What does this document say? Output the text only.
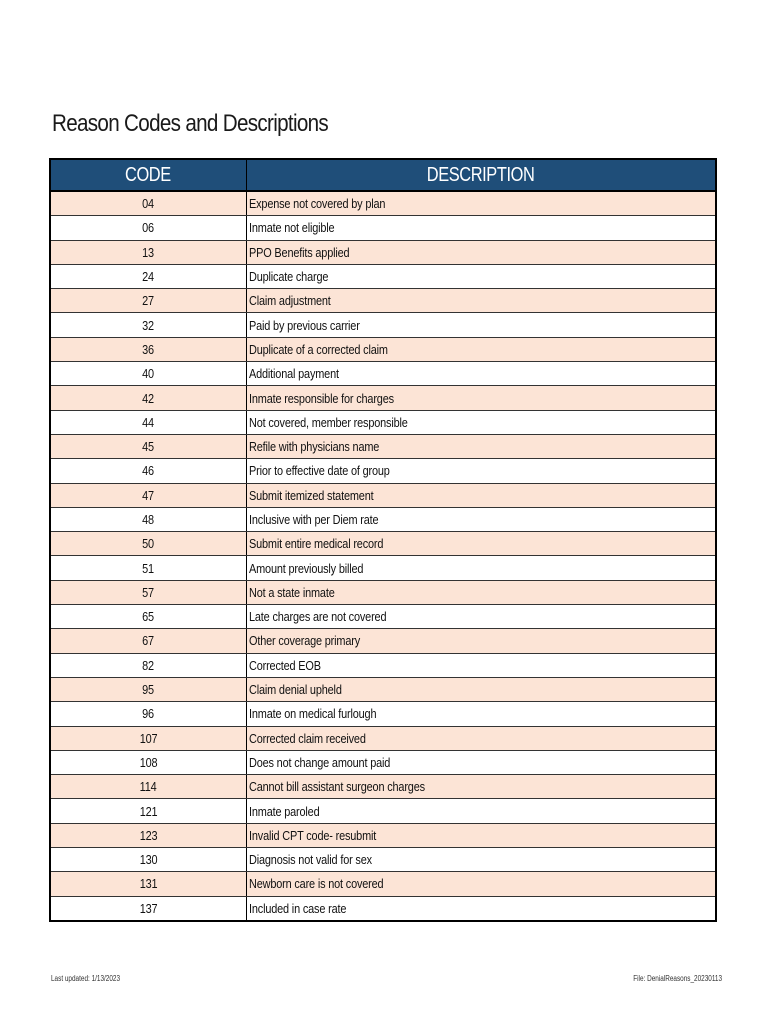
Reason Codes and Descriptions
CODE	DESCRIPTION
04	Expense not covered by plan
06	Inmate not eligible
13	PPO Benefits applied
24	Duplicate charge
27	Claim adjustment
32	Paid by previous carrier
36	Duplicate of a corrected claim
40	Additional payment
42	Inmate responsible for charges
44	Not covered, member responsible
45	Refile with physicians name
46	Prior to effective date of group
47	Submit itemized statement
48	Inclusive with per Diem rate
50	Submit entire medical record
51	Amount previously billed
57	Not a state inmate
65	Late charges are not covered
67	Other coverage primary
82	Corrected EOB
95	Claim denial upheld
96	Inmate on medical furlough
107	Corrected claim received
108	Does not change amount paid
114	Cannot bill assistant surgeon charges
121	Inmate paroled
123	Invalid CPT code- resubmit
130	Diagnosis not valid for sex
131	Newborn care is not covered
137	Included in case rate
Last updated: 1/13/2023	File: DenialReasons_20230113
